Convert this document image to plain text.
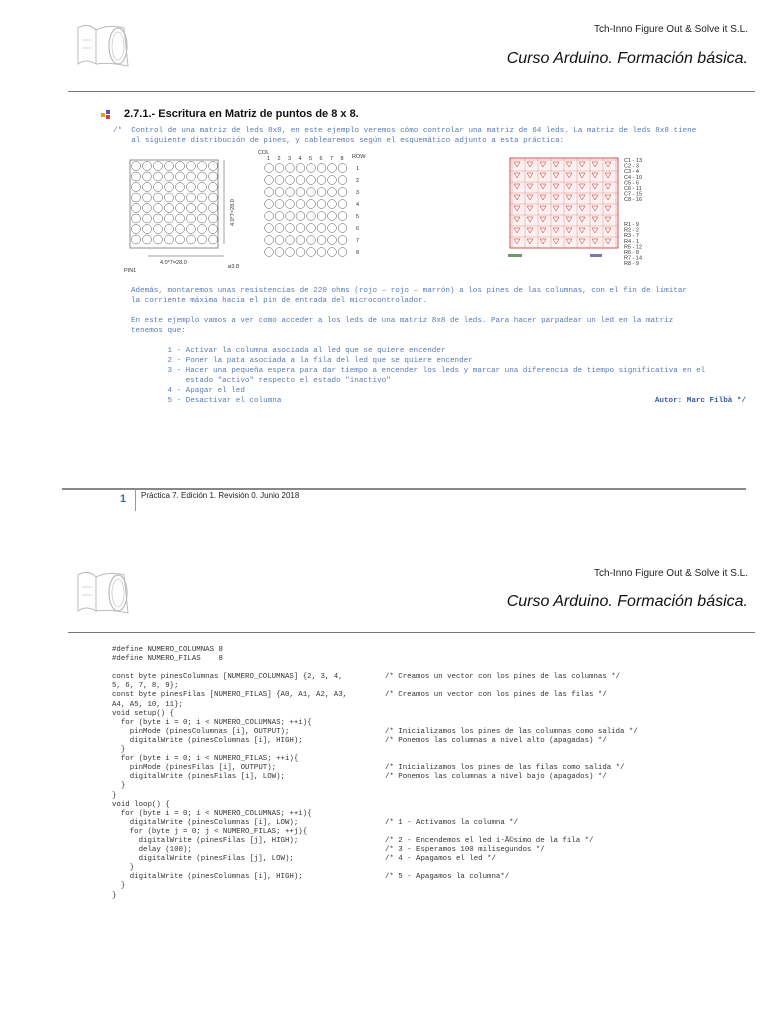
Tch-Inno Figure Out & Solve it S.L.
Curso Arduino. Formación básica.
2.7.1.- Escritura en Matriz de puntos de 8 x 8.
/*  Control de una matriz de leds 8x8, en este ejemplo veremos cómo controlar una matriz de 64 leds. La matriz de leds 8x8 tiene
al siguiente distribución de pines, y cablearemos según el esquemático adjunto a esta práctica:
4.0*7=28.0
4.0*7=28.0
ø3.8
PIN1
COL
ROW
1 2 3 4 5 6 7 8
1
2
3
4
5
6
7
8
C1 - 13
C2 - 3
C3 - 4
C4 - 10
C5 - 6
C6 - 11
C7 - 15
C8 - 16
R1 - 9
R2 - 2
R3 - 7
R4 - 1
R5 - 12
R6 - 8
R7 - 14
R8 - 9
Además, montaremos unas resistencias de 220 ohms (rojo – rojo – marrón) a los pines de las columnas, con el fin de limitar
la corriente máxima hacia el pin de entrada del microcontrolador.

En este ejemplo vamos a ver como acceder a los leds de una matriz 8x8 de leds. Para hacer parpadear un led en la matriz
tenemos que:

1 - Activar la columna asociada al led que se quiere encender
2 - Poner la pata asociada a la fila del led que se quiere encender
3 - Hacer una pequeña espera para dar tiempo a encender los leds y marcar una diferencia de tiempo significativa en el
estado "activo" respecto el estado "inactivo"
4 - Apagar el led
5 - Desactivar el columna	Autor: Marc Filbà */
1 Práctica 7. Edición 1. Revisión 0. Junio 2018
Tch-Inno Figure Out & Solve it S.L.
Curso Arduino. Formación básica.
#define NUMERO_COLUMNAS 8
#define NUMERO_FILAS    8

const byte pinesColumnas [NUMERO_COLUMNAS] {2, 3, 4,
5, 6, 7, 8, 9};
const byte pinesFilas [NUMERO_FILAS] {A0, A1, A2, A3,
A4, A5, 10, 11};
void setup() {
for (byte i = 0; i < NUMERO_COLUMNAS; ++i){
pinMode (pinesColumnas [i], OUTPUT);
digitalWrite (pinesColumnas [i], HIGH);
}
for (byte i = 0; i < NUMERO_FILAS; ++i){
pinMode (pinesFilas [i], OUTPUT);
digitalWrite (pinesFilas [i], LOW);
}
}
void loop() {
for (byte i = 0; i < NUMERO_COLUMNAS; ++i){
digitalWrite (pinesColumnas [i], LOW);
for (byte j = 0; j < NUMERO_FILAS; ++j){
digitalWrite (pinesFilas [j], HIGH);
delay (100);
digitalWrite (pinesFilas [j], LOW);
}
digitalWrite (pinesColumnas [i], HIGH);
}
}

/* Creamos un vector con los pines de las columnas */

/* Creamos un vector con los pines de las filas */

/* Inicializamos los pines de las columnas como salida */
/* Ponemos las columnas a nivel alto (apagadas) */

/* Inicializamos los pines de las filas como salida */
/* Ponemos las columnas a nivel bajo (apagados) */

/* 1 - Activamos la columna */

/* 2 - Encendemos el led i-Ã©simo de la fila */
/* 3 - Esperamos 100 milisegundos */
/* 4 - Apagamos el led */

/* 5 - Apagamos la columna*/
